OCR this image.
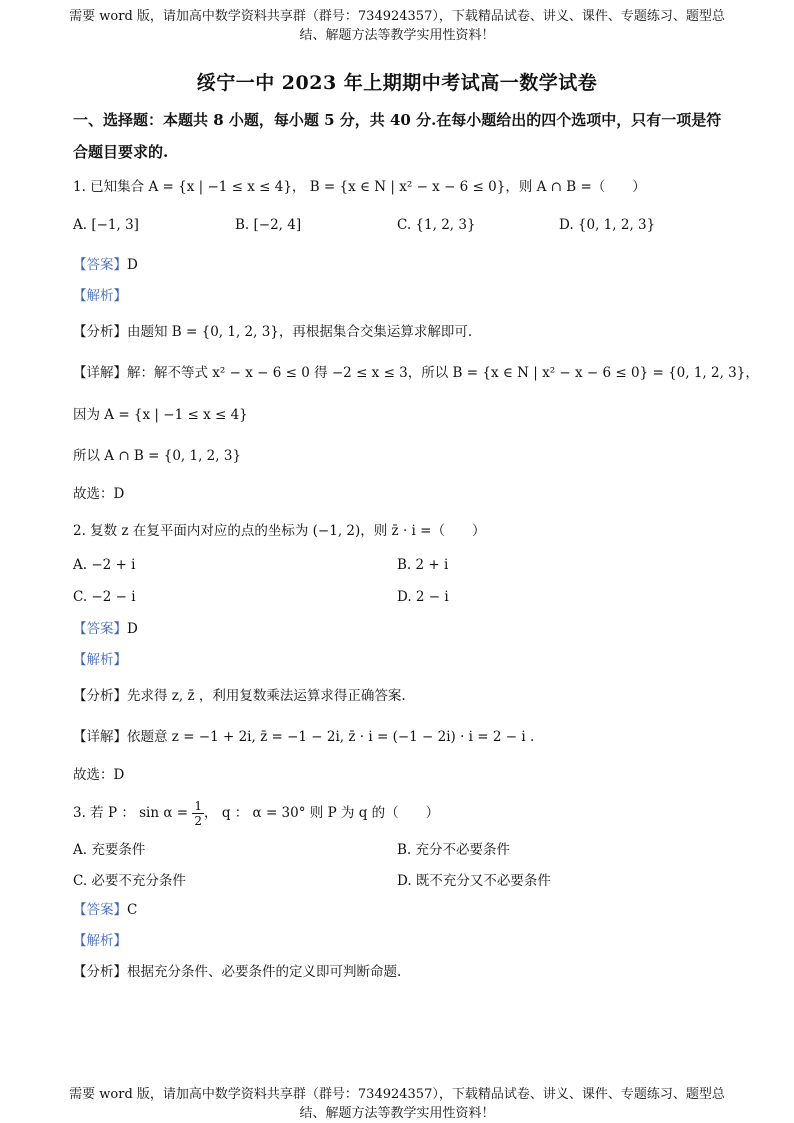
需要 word 版，请加高中数学资料共享群（群号：734924357），下载精品试卷、讲义、课件、专题练习、题型总结、解题方法等教学实用性资料！
绥宁一中 2023 年上期期中考试高一数学试卷
一、选择题：本题共 8 小题，每小题 5 分，共 40 分.在每小题给出的四个选项中，只有一项是符合题目要求的.
1. 已知集合 A = {x | −1 ≤ x ≤ 4}， B = {x ∈ N | x² − x − 6 ≤ 0}，则 A ∩ B =（　　）
A. [−1, 3]	B. [−2, 4]	C. {1, 2, 3}	D. {0, 1, 2, 3}
【答案】D
【解析】
【分析】由题知 B = {0, 1, 2, 3}，再根据集合交集运算求解即可.
【详解】解：解不等式 x² − x − 6 ≤ 0 得 −2 ≤ x ≤ 3，所以 B = {x ∈ N | x² − x − 6 ≤ 0} = {0, 1, 2, 3}，
因为 A = {x | −1 ≤ x ≤ 4}
所以 A ∩ B = {0, 1, 2, 3}
故选：D
2. 复数 z 在复平面内对应的点的坐标为 (−1, 2)，则 z̄ · i =（　　）
A. −2 + i	B. 2 + i
C. −2 − i	D. 2 − i
【答案】D
【解析】
【分析】先求得 z, z̄ ，利用复数乘法运算求得正确答案.
【详解】依题意 z = −1 + 2i, z̄ = −1 − 2i, z̄ · i = (−1 − 2i) · i = 2 − i .
故选：D
3. 若 P ： $\sin \alpha = \frac{1}{2}$ ， q ： α = 30° 则 P 为 q 的（　　）
A. 充要条件	B. 充分不必要条件
C. 必要不充分条件	D. 既不充分又不必要条件
【答案】C
【解析】
【分析】根据充分条件、必要条件的定义即可判断命题.
需要 word 版，请加高中数学资料共享群（群号：734924357），下载精品试卷、讲义、课件、专题练习、题型总结、解题方法等教学实用性资料！
